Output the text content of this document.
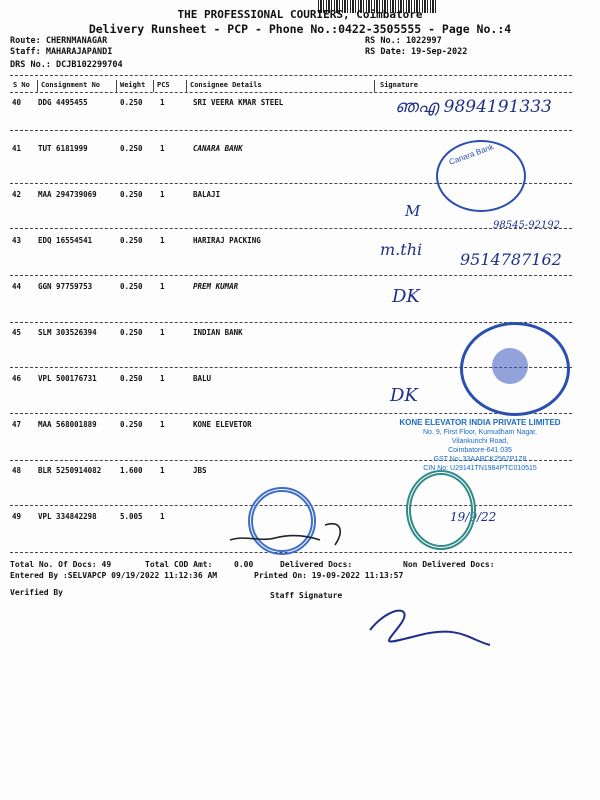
THE PROFESSIONAL COURIERS, Coimbatore
Delivery Runsheet - PCP - Phone No.:0422-3505555 - Page No.:4
Route: CHERNMANAGAR
Staff: MAHARAJAPANDI
DRS No.: DCJB102299704
RS No.: 1022997
RS Date: 19-Sep-2022
S No Consignment No	Weight PCS	Consignee Details	Signature
40 DDG 4495455	0.250 1	SRI VEERA KMAR STEEL
41 TUT 6181999	0.250 1	CANARA BANK
42 MAA 294739069	0.250 1	BALAJI
43 EDQ 16554541	0.250 1	HARIRAJ PACKING
44 GGN 97759753	0.250 1	PREM KUMAR
45 SLM 303526394	0.250 1	INDIAN BANK
46 VPL 500176731	0.250 1	BALU
47 MAA 568001889	0.250 1	KONE ELEVETOR
48 BLR 5250914082	1.600 1	JBS
49 VPL 334842298	5.005 1
ഞഎ 9894191333
M
98545-92192
m.thi
9514787162
DK
DK
19/9/22
Canara Bank
KONE ELEVATOR INDIA PRIVATE LIMITED
No. 9, First Floor, Kumudham Nagar,
Vilankurichi Road,
Coimbatore-641 035
GST No: 33AABCK2567P1Z8
CIN No: U29141TN1984PTC010515
Total No. Of Docs: 49	Total COD Amt:	0.00	Delivered Docs:	Non Delivered Docs:
Entered By :SELVAPCP 09/19/2022 11:12:36 AM	Printed On: 19-09-2022 11:13:57
Verified By	Staff Signature
